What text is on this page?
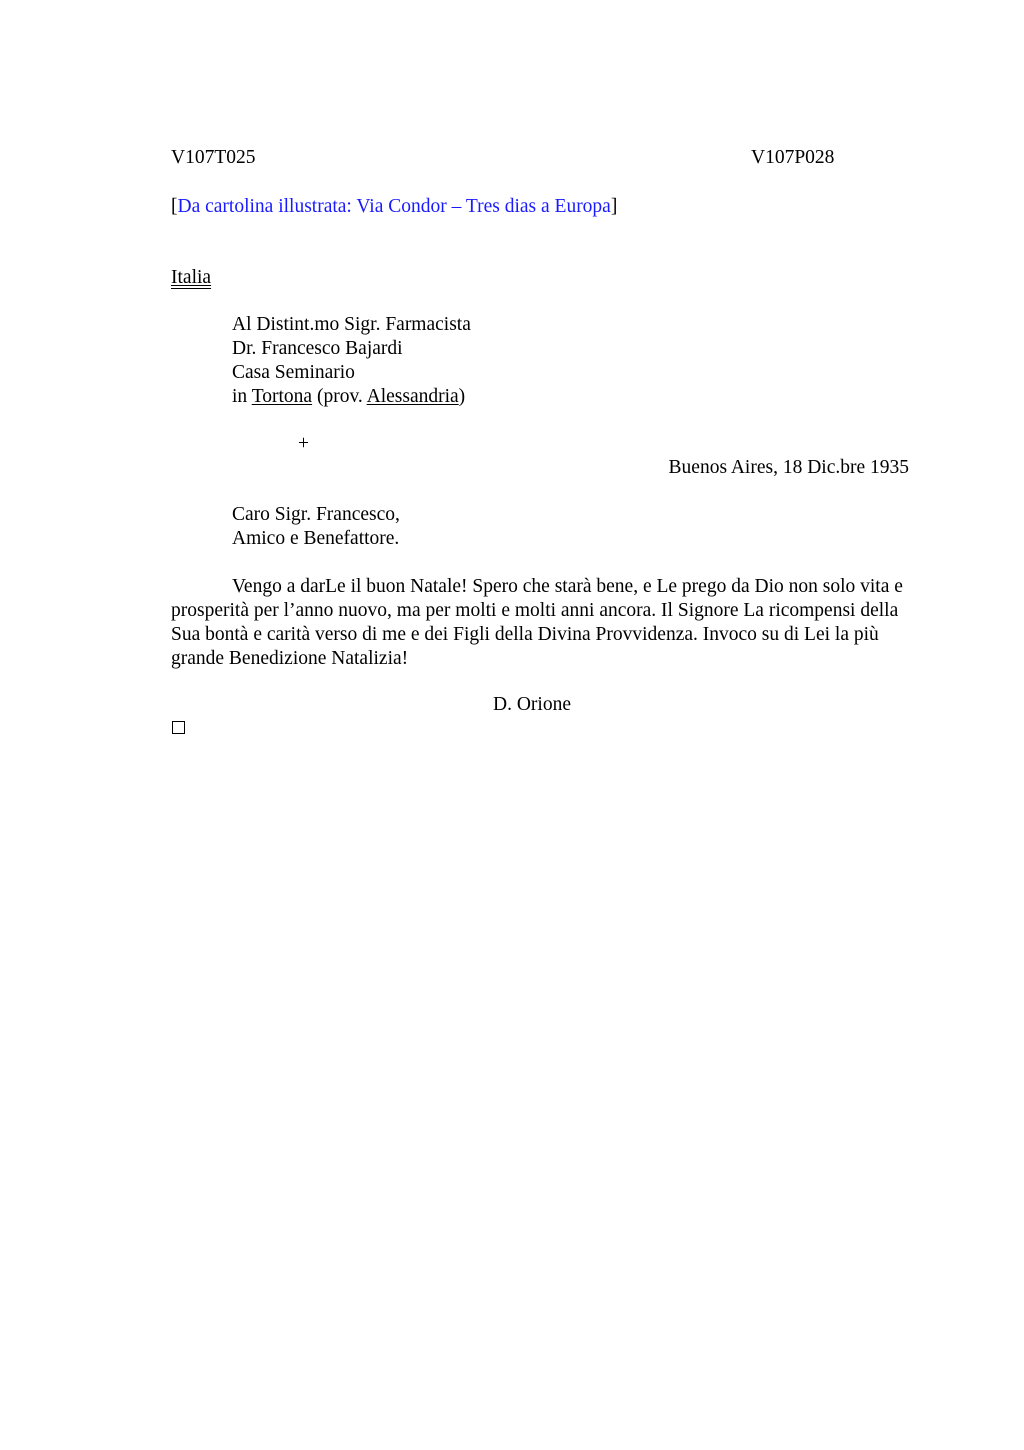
V107T025	V107P028
[Da cartolina illustrata: Via Condor – Tres dias a Europa]
Italia
Al Distint.mo Sigr. Farmacista
Dr. Francesco Bajardi
Casa Seminario
in Tortona (prov. Alessandria)
+
Buenos Aires, 18 Dic.bre 1935
Caro Sigr. Francesco,
Amico e Benefattore.
Vengo a darLe il buon Natale! Spero che starà bene, e Le prego da Dio non solo vita e prosperità per l’anno nuovo, ma per molti e molti anni ancora. Il Signore La ricompensi della Sua bontà e carità verso di me e dei Figli della Divina Provvidenza. Invoco su di Lei la più grande Benedizione Natalizia!
D. Orione
